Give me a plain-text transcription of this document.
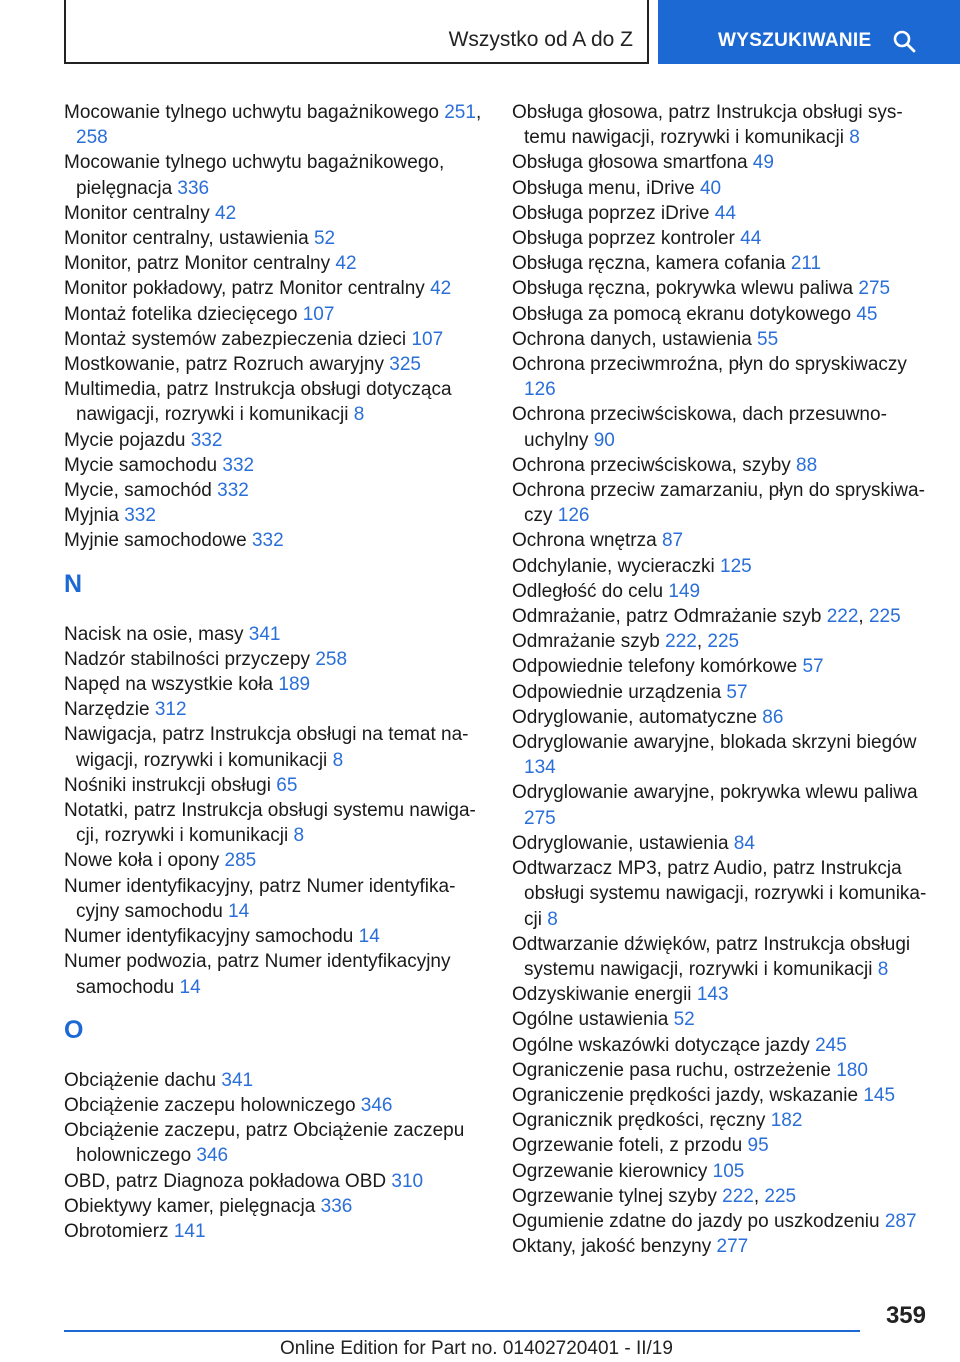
Wszystko od A do Z	WYSZUKIWANIE
Mocowanie tylnego uchwytu bagażnikowego 251, 258
Mocowanie tylnego uchwytu bagażnikowego, pielęgnacja 336
Monitor centralny 42
Monitor centralny, ustawienia 52
Monitor, patrz Monitor centralny 42
Monitor pokładowy, patrz Monitor centralny 42
Montaż fotelika dziecięcego 107
Montaż systemów zabezpieczenia dzieci 107
Mostkowanie, patrz Rozruch awaryjny 325
Multimedia, patrz Instrukcja obsługi dotycząca nawigacji, rozrywki i komunikacji 8
Mycie pojazdu 332
Mycie samochodu 332
Mycie, samochód 332
Myjnia 332
Myjnie samochodowe 332
N
Nacisk na osie, masy 341
Nadzór stabilności przyczepy 258
Napęd na wszystkie koła 189
Narzędzie 312
Nawigacja, patrz Instrukcja obsługi na temat nawigacji, rozrywki i komunikacji 8
Nośniki instrukcji obsługi 65
Notatki, patrz Instrukcja obsługi systemu nawigacji, rozrywki i komunikacji 8
Nowe koła i opony 285
Numer identyfikacyjny, patrz Numer identyfikacyjny samochodu 14
Numer identyfikacyjny samochodu 14
Numer podwozia, patrz Numer identyfikacyjny samochodu 14
O
Obciążenie dachu 341
Obciążenie zaczepu holowniczego 346
Obciążenie zaczepu, patrz Obciążenie zaczepu holowniczego 346
OBD, patrz Diagnoza pokładowa OBD 310
Obiektywy kamer, pielęgnacja 336
Obrotomierz 141
Obsługa głosowa, patrz Instrukcja obsługi systemu nawigacji, rozrywki i komunikacji 8
Obsługa głosowa smartfona 49
Obsługa menu, iDrive 40
Obsługa poprzez iDrive 44
Obsługa poprzez kontroler 44
Obsługa ręczna, kamera cofania 211
Obsługa ręczna, pokrywka wlewu paliwa 275
Obsługa za pomocą ekranu dotykowego 45
Ochrona danych, ustawienia 55
Ochrona przeciwmroźna, płyn do spryskiwaczy 126
Ochrona przeciwściskowa, dach przesuwnouchylny 90
Ochrona przeciwściskowa, szyby 88
Ochrona przeciw zamarzaniu, płyn do spryskiwaczy 126
Ochrona wnętrza 87
Odchylanie, wycieraczki 125
Odległość do celu 149
Odmrażanie, patrz Odmrażanie szyb 222, 225
Odmrażanie szyb 222, 225
Odpowiednie telefony komórkowe 57
Odpowiednie urządzenia 57
Odryglowanie, automatyczne 86
Odryglowanie awaryjne, blokada skrzyni biegów 134
Odryglowanie awaryjne, pokrywka wlewu paliwa 275
Odryglowanie, ustawienia 84
Odtwarzacz MP3, patrz Audio, patrz Instrukcja obsługi systemu nawigacji, rozrywki i komunikacji 8
Odtwarzanie dźwięków, patrz Instrukcja obsługi systemu nawigacji, rozrywki i komunikacji 8
Odzyskiwanie energii 143
Ogólne ustawienia 52
Ogólne wskazówki dotyczące jazdy 245
Ograniczenie pasa ruchu, ostrzeżenie 180
Ograniczenie prędkości jazdy, wskazanie 145
Ogranicznik prędkości, ręczny 182
Ogrzewanie foteli, z przodu 95
Ogrzewanie kierownicy 105
Ogrzewanie tylnej szyby 222, 225
Ogumienie zdatne do jazdy po uszkodzeniu 287
Oktany, jakość benzyny 277
359
Online Edition for Part no. 01402720401 - II/19
